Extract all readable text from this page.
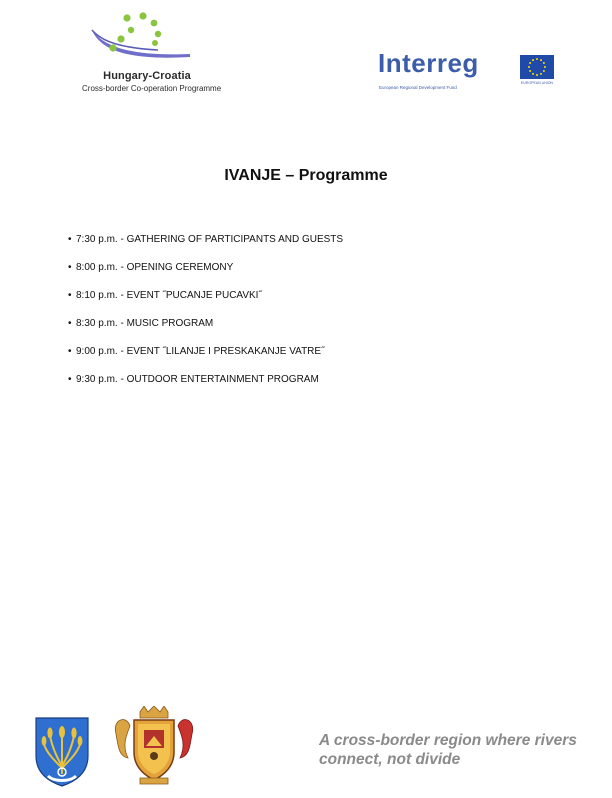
Hungary-Croatia
Cross-border Co-operation Programme
Interreg
European Regional Development Fund
EUROPEAN UNION
IVANJE – Programme
• 7:30 p.m. - GATHERING OF PARTICIPANTS AND GUESTS
• 8:00 p.m. - OPENING CEREMONY
• 8:10 p.m. - EVENT ˝PUCANJE PUCAVKI˝
• 8:30 p.m. - MUSIC PROGRAM
• 9:00 p.m. - EVENT ˝LILANJE I PRESKAKANJE VATRE˝
• 9:30 p.m. - OUTDOOR ENTERTAINMENT PROGRAM
A cross-border region where rivers
connect, not divide
